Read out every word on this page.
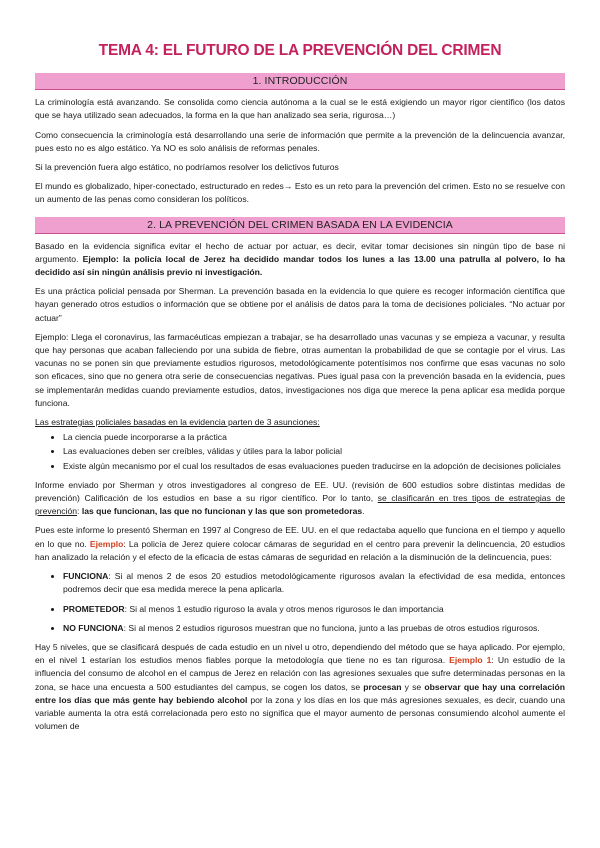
TEMA 4: EL FUTURO DE LA PREVENCIÓN DEL CRIMEN
1. INTRODUCCIÓN

La criminología está avanzando. Se consolida como ciencia autónoma a la cual se le está exigiendo un mayor rigor científico (los datos que se haya utilizado sean adecuados, la forma en la que han analizado sea seria, rigurosa…)

Como consecuencia la criminología está desarrollando una serie de información que permite a la prevención de la delincuencia avanzar, pues esto no es algo estático. Ya NO es solo análisis de reformas penales.

Si la prevención fuera algo estático, no podríamos resolver los delictivos futuros

El mundo es globalizado, hiper-conectado, estructurado en redes→ Esto es un reto para la prevención del crimen. Esto no se resuelve con un aumento de las penas como consideran los políticos.

2. LA PREVENCIÓN DEL CRIMEN BASADA EN LA EVIDENCIA

Basado en la evidencia significa evitar el hecho de actuar por actuar, es decir, evitar tomar decisiones sin ningún tipo de base ni argumento. Ejemplo: la policía local de Jerez ha decidido mandar todos los lunes a las 13.00 una patrulla al polvero, lo ha decidido así sin ningún análisis previo ni investigación.

Es una práctica policial pensada por Sherman. La prevención basada en la evidencia lo que quiere es recoger información científica que hayan generado otros estudios o información que se obtiene por el análisis de datos para la toma de decisiones policiales. “No actuar por actuar”

Ejemplo: Llega el coronavirus, las farmacéuticas empiezan a trabajar, se ha desarrollado unas vacunas y se empieza a vacunar, y resulta que hay personas que acaban falleciendo por una subida de fiebre, otras aumentan la probabilidad de que se contagie por el virus. Las vacunas no se ponen sin que previamente estudios rigurosos, metodológicamente potentísimos nos confirme que esas vacunas no solo son eficaces, sino que no genera otra serie de consecuencias negativas. Pues igual pasa con la prevención basada en la evidencia, pues se implementarán medidas cuando previamente estudios, datos, investigaciones nos diga que merece la pena aplicar esa medida porque funciona.

Las estrategias policiales basadas en la evidencia parten de 3 asunciones:

• La ciencia puede incorporarse a la práctica
• Las evaluaciones deben ser creíbles, válidas y útiles para la labor policial
• Existe algún mecanismo por el cual los resultados de esas evaluaciones pueden traducirse en la adopción de decisiones policiales

Informe enviado por Sherman y otros investigadores al congreso de EE. UU. (revisión de 600 estudios sobre distintas medidas de prevención) Calificación de los estudios en base a su rigor científico. Por lo tanto, se clasificarán en tres tipos de estrategias de prevención: las que funcionan, las que no funcionan y las que son prometedoras.

Pues este informe lo presentó Sherman en 1997 al Congreso de EE. UU. en el que redactaba aquello que funciona en el tiempo y aquello en lo que no. Ejemplo: La policía de Jerez quiere colocar cámaras de seguridad en el centro para prevenir la delincuencia, 20 estudios han analizado la relación y el efecto de la eficacia de estas cámaras de seguridad en relación a la disminución de la delincuencia, pues:

• FUNCIONA: Si al menos 2 de esos 20 estudios metodológicamente rigurosos avalan la efectividad de esa medida, entonces podremos decir que esa medida merece la pena aplicarla.
• PROMETEDOR: Si al menos 1 estudio riguroso la avala y otros menos rigurosos le dan importancia
• NO FUNCIONA: Si al menos 2 estudios rigurosos muestran que no funciona, junto a las pruebas de otros estudios rigurosos.

Hay 5 niveles, que se clasificará después de cada estudio en un nivel u otro, dependiendo del método que se haya aplicado. Por ejemplo, en el nivel 1 estarían los estudios menos fiables porque la metodología que tiene no es tan rigurosa. Ejemplo 1: Un estudio de la influencia del consumo de alcohol en el campus de Jerez en relación con las agresiones sexuales que sufre determinadas personas en la zona, se hace una encuesta a 500 estudiantes del campus, se cogen los datos, se procesan y se observar que hay una correlación entre los días que más gente hay bebiendo alcohol por la zona y los días en los que más agresiones sexuales, es decir, cuando una variable aumenta la otra está correlacionada pero esto no significa que el mayor aumento de personas consumiendo alcohol aumente el volumen de
